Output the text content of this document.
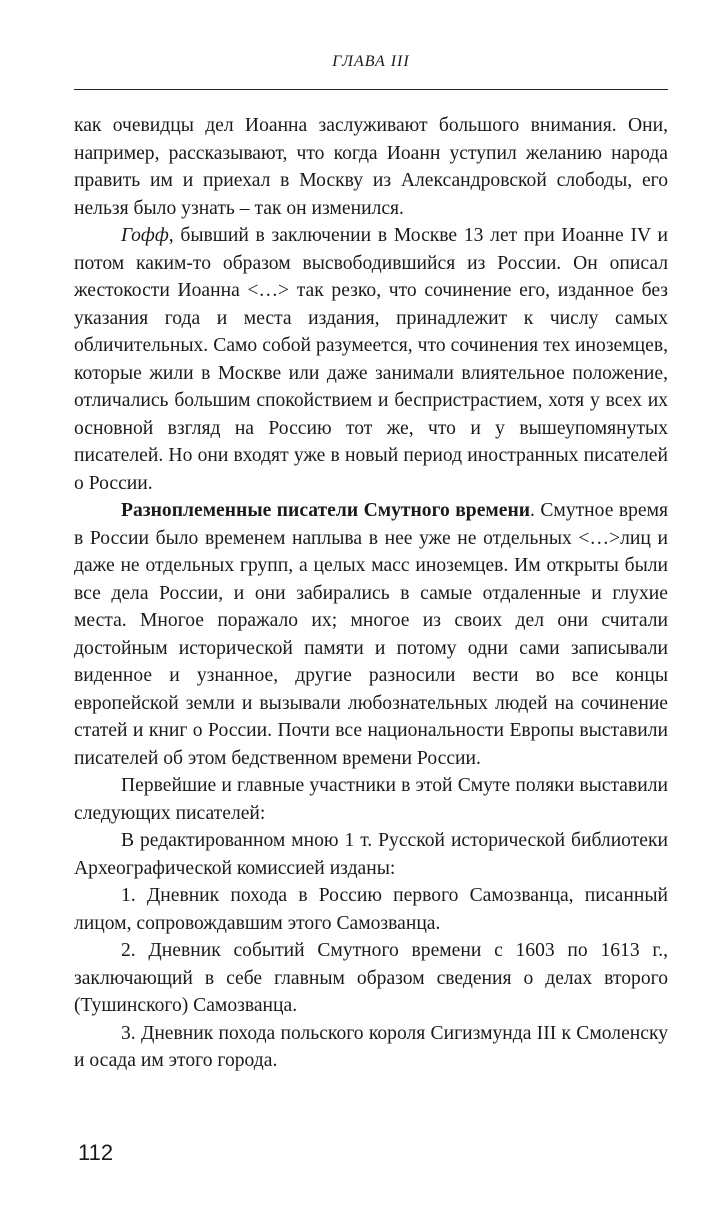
ГЛАВА III

как очевидцы дел Иоанна заслуживают большого внимания. Они, например, рассказывают, что когда Иоанн уступил желанию народа править им и приехал в Москву из Александровской слободы, его нельзя было узнать – так он изменился.

Гофф, бывший в заключении в Москве 13 лет при Иоанне IV и потом каким-то образом высвободившийся из России. Он описал жестокости Иоанна <…> так резко, что сочинение его, изданное без указания года и места издания, принадлежит к числу самых обличительных. Само собой разумеется, что сочинения тех иноземцев, которые жили в Москве или даже занимали влиятельное положение, отличались большим спокойствием и беспристрастием, хотя у всех их основной взгляд на Россию тот же, что и у вышеупомянутых писателей. Но они входят уже в новый период иностранных писателей о России.

Разноплеменные писатели Смутного времени. Смутное время в России было временем наплыва в нее уже не отдельных <…>лиц и даже не отдельных групп, а целых масс иноземцев. Им открыты были все дела России, и они забирались в самые отдаленные и глухие места. Многое поражало их; многое из своих дел они считали достойным исторической памяти и потому одни сами записывали виденное и узнанное, другие разносили вести во все концы европейской земли и вызывали любознательных людей на сочинение статей и книг о России. Почти все национальности Европы выставили писателей об этом бедственном времени России.

Первейшие и главные участники в этой Смуте поляки выставили следующих писателей:

В редактированном мною 1 т. Русской исторической библиотеки Археографической комиссией изданы:

1. Дневник похода в Россию первого Самозванца, писанный лицом, сопровождавшим этого Самозванца.

2. Дневник событий Смутного времени с 1603 по 1613 г., заключающий в себе главным образом сведения о делах второго (Тушинского) Самозванца.

3. Дневник похода польского короля Сигизмунда III к Смоленску и осада им этого города.

112
